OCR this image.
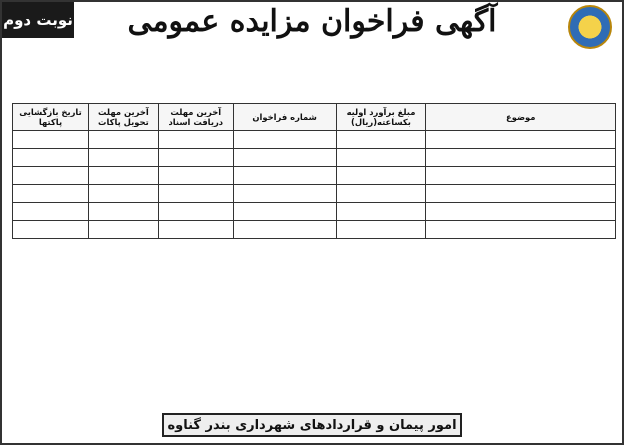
نوبت دوم	آگهی فراخوان مزایده عمومی
موضوع	مبلغ برآورد اولیه بکساعته(ریال)	شماره فراخوان	آخرین مهلت دریافت اسناد	آخرین مهلت تحویل پاکات	تاریخ بازگشایی پاکتها

امور پیمان و قراردادهای شهرداری بندر گناوه
